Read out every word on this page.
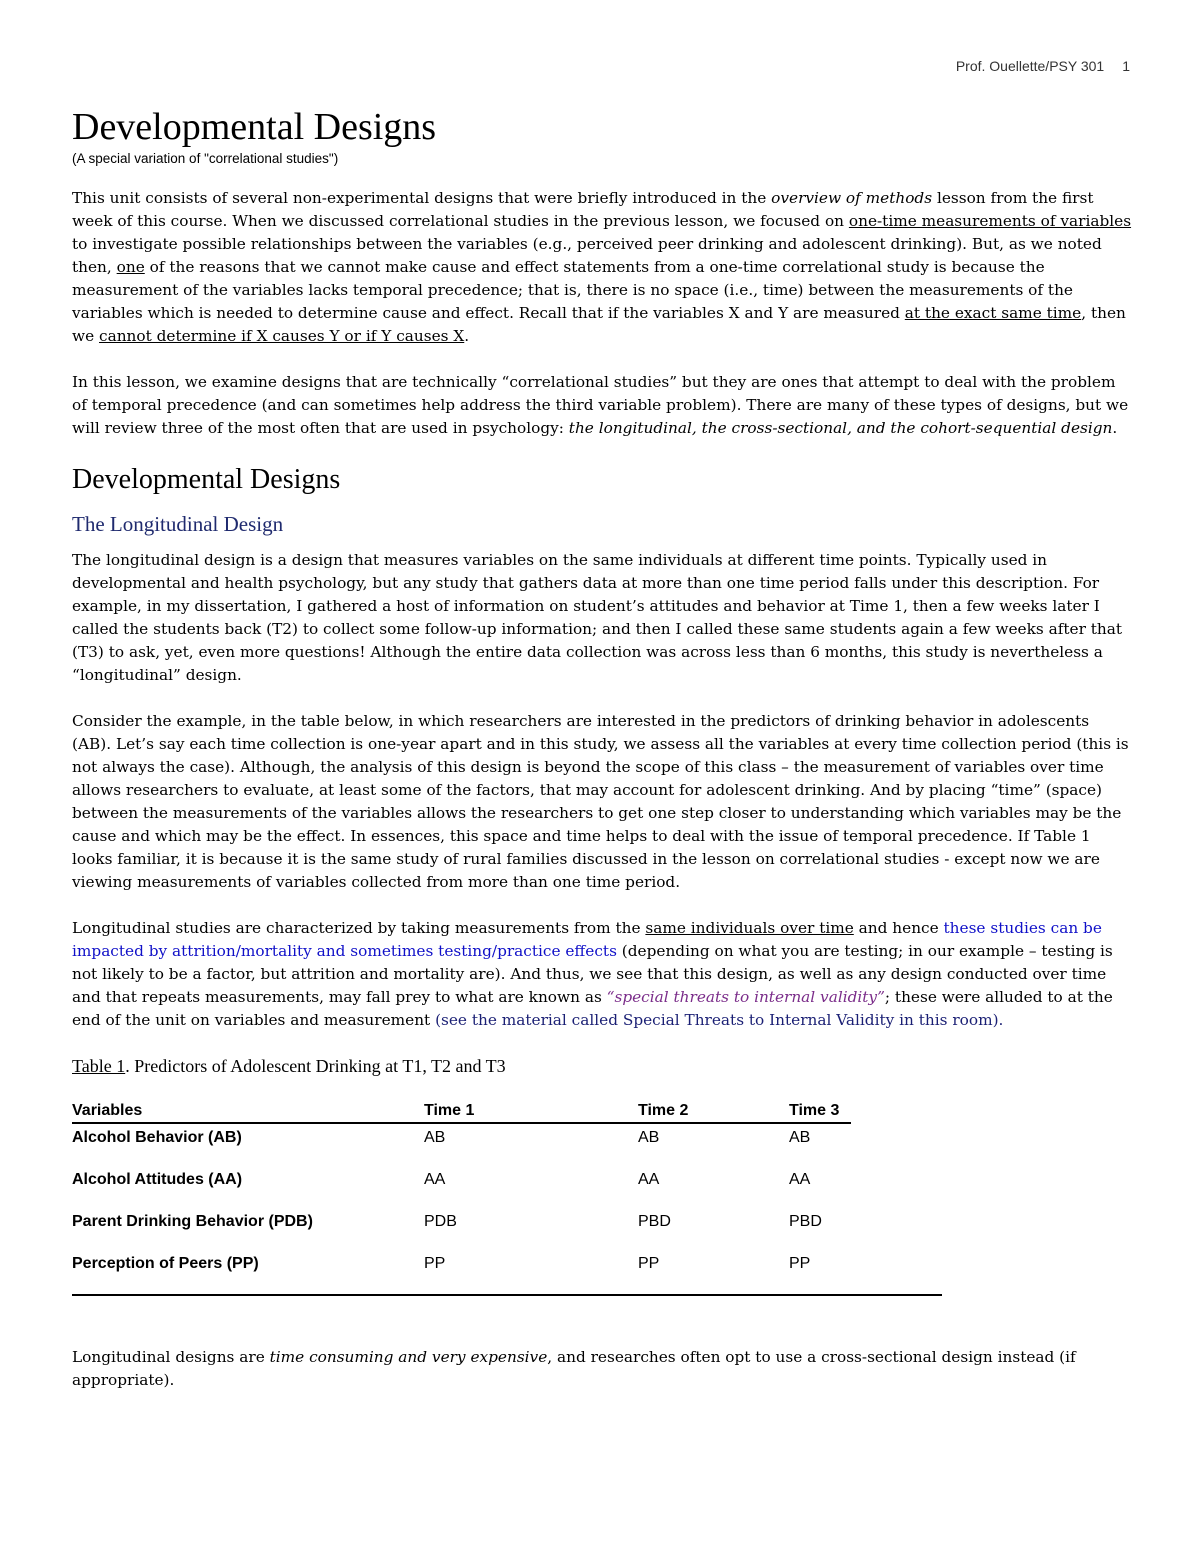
Prof. Ouellette/PSY 301 1
Developmental Designs
(A special variation of "correlational studies")

This unit consists of several non-experimental designs that were briefly introduced in the overview of methods lesson from the first week of this course. When we discussed correlational studies in the previous lesson, we focused on one-time measurements of variables to investigate possible relationships between the variables (e.g., perceived peer drinking and adolescent drinking). But, as we noted then, one of the reasons that we cannot make cause and effect statements from a one-time correlational study is because the measurement of the variables lacks temporal precedence; that is, there is no space (i.e., time) between the measurements of the variables which is needed to determine cause and effect. Recall that if the variables X and Y are measured at the exact same time, then we cannot determine if X causes Y or if Y causes X.

In this lesson, we examine designs that are technically “correlational studies” but they are ones that attempt to deal with the problem of temporal precedence (and can sometimes help address the third variable problem). There are many of these types of designs, but we will review three of the most often that are used in psychology: the longitudinal, the cross-sectional, and the cohort-sequential design.

Developmental Designs
The Longitudinal Design

The longitudinal design is a design that measures variables on the same individuals at different time points. Typically used in developmental and health psychology, but any study that gathers data at more than one time period falls under this description. For example, in my dissertation, I gathered a host of information on student’s attitudes and behavior at Time 1, then a few weeks later I called the students back (T2) to collect some follow-up information; and then I called these same students again a few weeks after that (T3) to ask, yet, even more questions! Although the entire data collection was across less than 6 months, this study is nevertheless a “longitudinal” design.

Consider the example, in the table below, in which researchers are interested in the predictors of drinking behavior in adolescents (AB). Let’s say each time collection is one-year apart and in this study, we assess all the variables at every time collection period (this is not always the case). Although, the analysis of this design is beyond the scope of this class – the measurement of variables over time allows researchers to evaluate, at least some of the factors, that may account for adolescent drinking. And by placing “time” (space) between the measurements of the variables allows the researchers to get one step closer to understanding which variables may be the cause and which may be the effect. In essences, this space and time helps to deal with the issue of temporal precedence. If Table 1 looks familiar, it is because it is the same study of rural families discussed in the lesson on correlational studies - except now we are viewing measurements of variables collected from more than one time period.

Longitudinal studies are characterized by taking measurements from the same individuals over time and hence these studies can be impacted by attrition/mortality and sometimes testing/practice effects (depending on what you are testing; in our example – testing is not likely to be a factor, but attrition and mortality are). And thus, we see that this design, as well as any design conducted over time and that repeats measurements, may fall prey to what are known as “special threats to internal validity”; these were alluded to at the end of the unit on variables and measurement (see the material called Special Threats to Internal Validity in this room).

Table 1. Predictors of Adolescent Drinking at T1, T2 and T3
Variables	Time 1	Time 2	Time 3
Alcohol Behavior (AB)	AB	AB	AB
Alcohol Attitudes (AA)	AA	AA	AA
Parent Drinking Behavior (PDB)	PDB	PBD	PBD
Perception of Peers (PP)	PP	PP	PP

Longitudinal designs are time consuming and very expensive, and researches often opt to use a cross-sectional design instead (if appropriate).
